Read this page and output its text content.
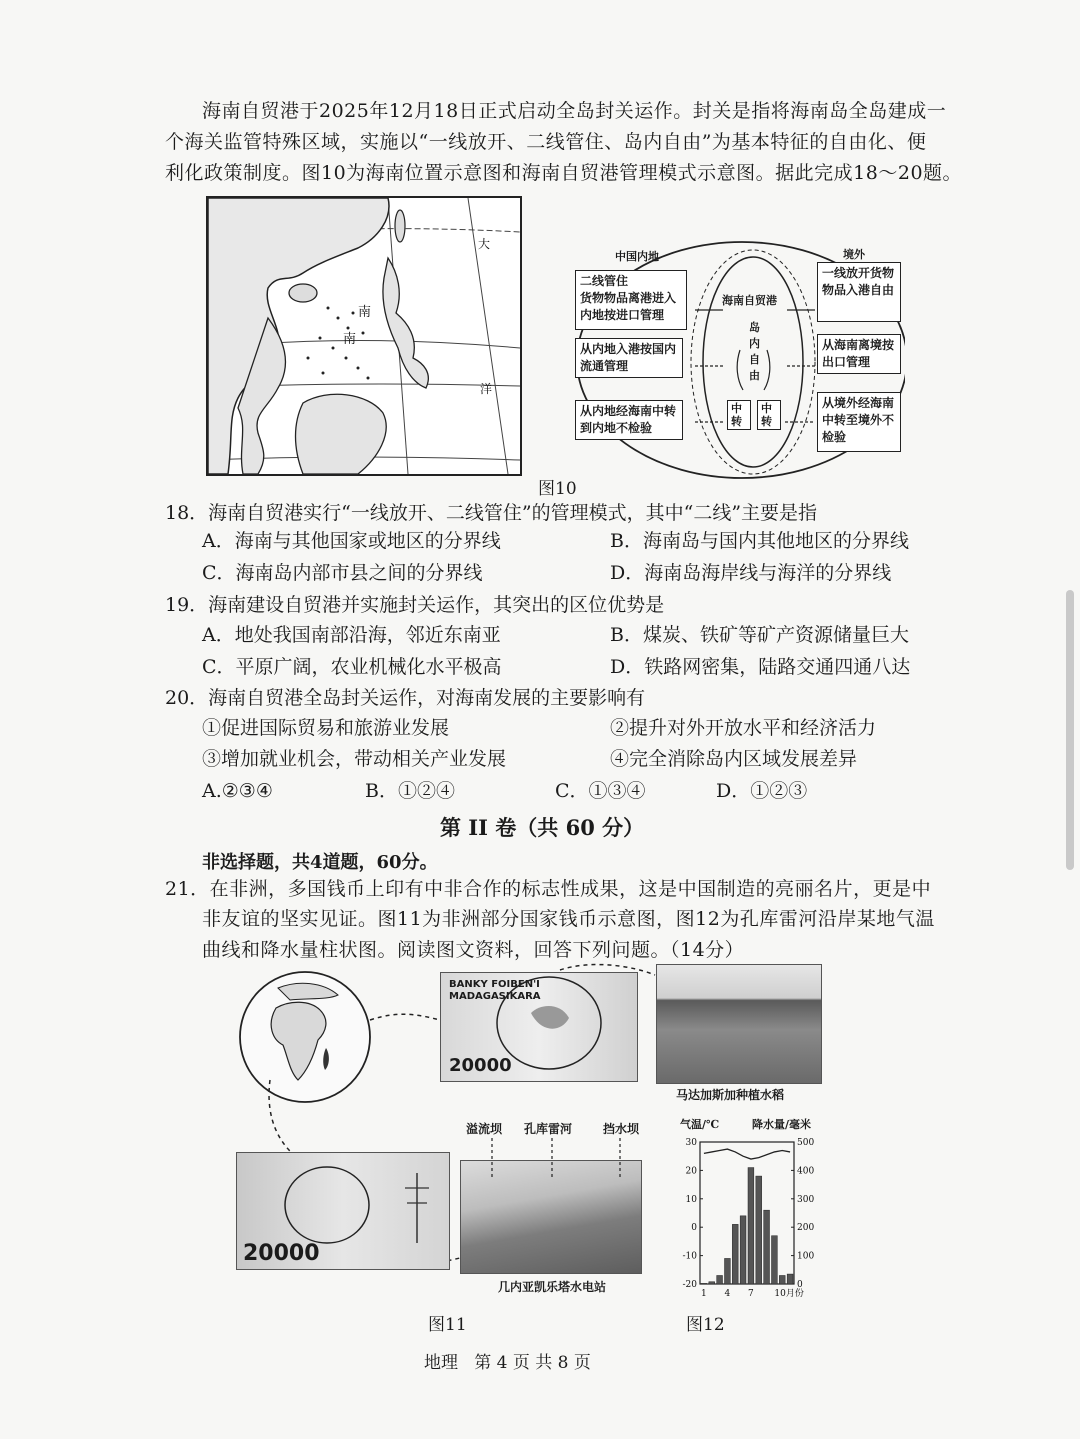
海南自贸港于2025年12月18日正式启动全岛封关运作。封关是指将海南岛全岛建成一
个海关监管特殊区域，实施以“一线放开、二线管住、岛内自由”为基本特征的自由化、便
利化政策制度。图10为海南位置示意图和海南自贸港管理模式示意图。据此完成18～20题。
南
南
大
洋
中国内地	境外
海南自贸港
岛内自由
二线管住
货物物品离港进入内地按进口管理
从内地入港按国内流通管理
从内地经海南中转到内地不检验
一线放开货物物品入港自由
从海南离境按出口管理
从境外经海南中转至境外不检验
中转
中转
图10
18．海南自贸港实行“一线放开、二线管住”的管理模式，其中“二线”主要是指
A．海南与其他国家或地区的分界线	B．海南岛与国内其他地区的分界线
C．海南岛内部市县之间的分界线	D．海南岛海岸线与海洋的分界线
19．海南建设自贸港并实施封关运作，其突出的区位优势是
A．地处我国南部沿海，邻近东南亚	B．煤炭、铁矿等矿产资源储量巨大
C．平原广阔，农业机械化水平极高	D．铁路网密集，陆路交通四通八达
20．海南自贸港全岛封关运作，对海南发展的主要影响有
①促进国际贸易和旅游业发展	②提升对外开放水平和经济活力
③增加就业机会，带动相关产业发展	④完全消除岛内区域发展差异
A.②③④	B．①②④	C．①③④	D．①②③
第 II 卷（共 60 分）
非选择题，共4道题，60分。
21．在非洲，多国钱币上印有中非合作的标志性成果，这是中国制造的亮丽名片，更是中
非友谊的坚实见证。图11为非洲部分国家钱币示意图，图12为孔库雷河沿岸某地气温
曲线和降水量柱状图。阅读图文资料，回答下列问题。（14分）
BANKY FOIBEN'I
MADAGASIKARA
20000
马达加斯加种植水稻
20000
溢流坝 孔库雷河	挡水坝
几内亚凯乐塔水电站
气温/℃	降水量/毫米
30
20
10
0
-10
-20
500
400
300
200
100
0
1 4 7 10月份
图11	图12
地理   第 4 页 共 8 页
